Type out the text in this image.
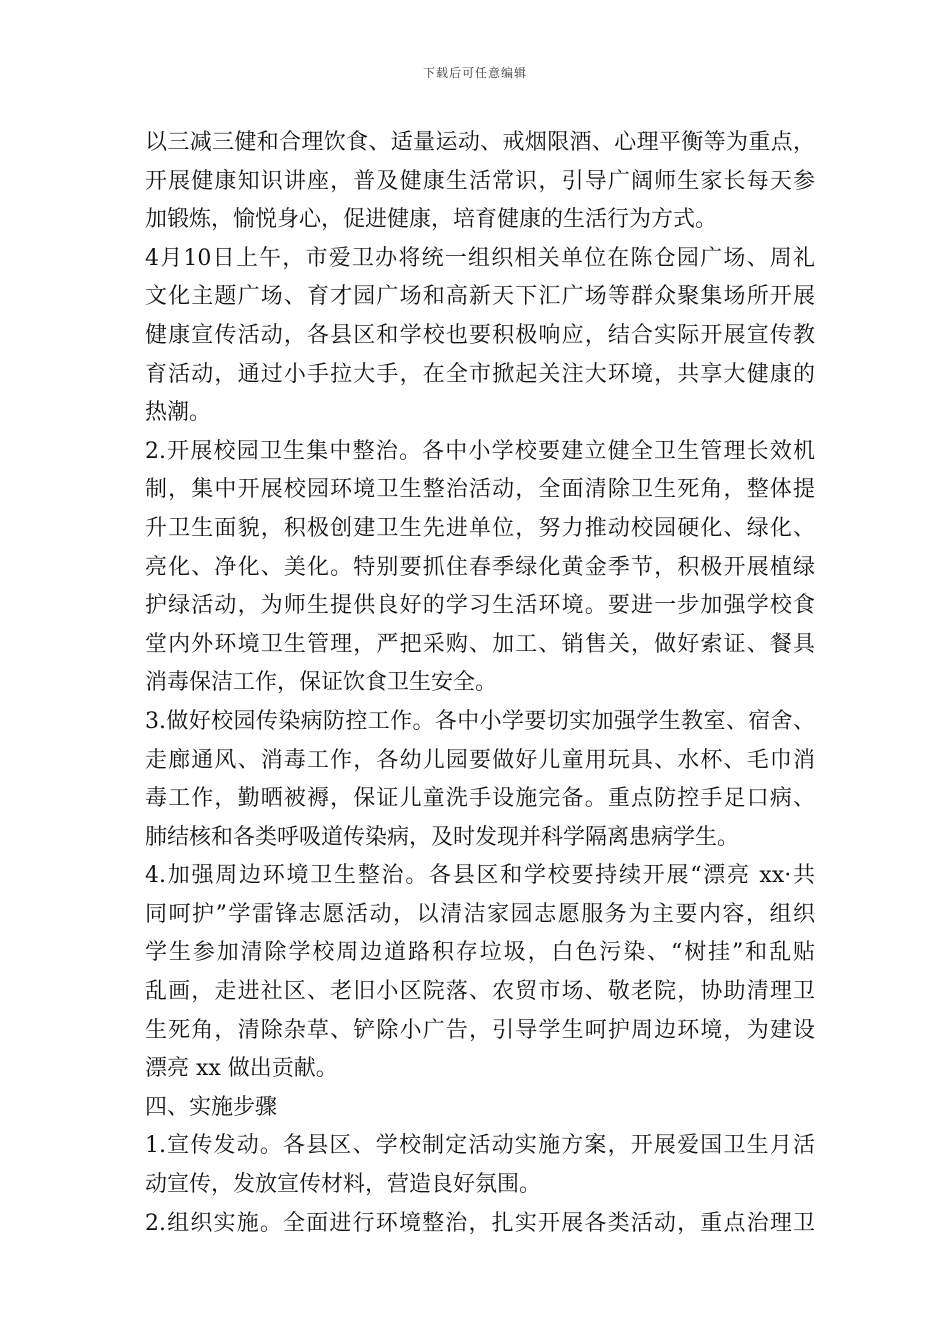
下载后可任意编辑
以三减三健和合理饮食、适量运动、戒烟限酒、心理平衡等为重点，
开展健康知识讲座，普及健康生活常识，引导广阔师生家长每天参
加锻炼，愉悦身心，促进健康，培育健康的生活行为方式。
4月10日上午，市爱卫办将统一组织相关单位在陈仓园广场、周礼
文化主题广场、育才园广场和高新天下汇广场等群众聚集场所开展
健康宣传活动，各县区和学校也要积极响应，结合实际开展宣传教
育活动，通过小手拉大手，在全市掀起关注大环境，共享大健康的
热潮。
2.开展校园卫生集中整治。各中小学校要建立健全卫生管理长效机
制，集中开展校园环境卫生整治活动，全面清除卫生死角，整体提
升卫生面貌，积极创建卫生先进单位，努力推动校园硬化、绿化、
亮化、净化、美化。特别要抓住春季绿化黄金季节，积极开展植绿
护绿活动，为师生提供良好的学习生活环境。要进一步加强学校食
堂内外环境卫生管理，严把采购、加工、销售关，做好索证、餐具
消毒保洁工作，保证饮食卫生安全。
3.做好校园传染病防控工作。各中小学要切实加强学生教室、宿舍、
走廊通风、消毒工作，各幼儿园要做好儿童用玩具、水杯、毛巾消
毒工作，勤晒被褥，保证儿童洗手设施完备。重点防控手足口病、
肺结核和各类呼吸道传染病，及时发现并科学隔离患病学生。
4.加强周边环境卫生整治。各县区和学校要持续开展“漂亮 xx·共
同呵护”学雷锋志愿活动，以清洁家园志愿服务为主要内容，组织
学生参加清除学校周边道路积存垃圾，白色污染、“树挂”和乱贴
乱画，走进社区、老旧小区院落、农贸市场、敬老院，协助清理卫
生死角，清除杂草、铲除小广告，引导学生呵护周边环境，为建设
漂亮 xx 做出贡献。
四、实施步骤
1.宣传发动。各县区、学校制定活动实施方案，开展爱国卫生月活
动宣传，发放宣传材料，营造良好氛围。
2.组织实施。全面进行环境整治，扎实开展各类活动，重点治理卫
